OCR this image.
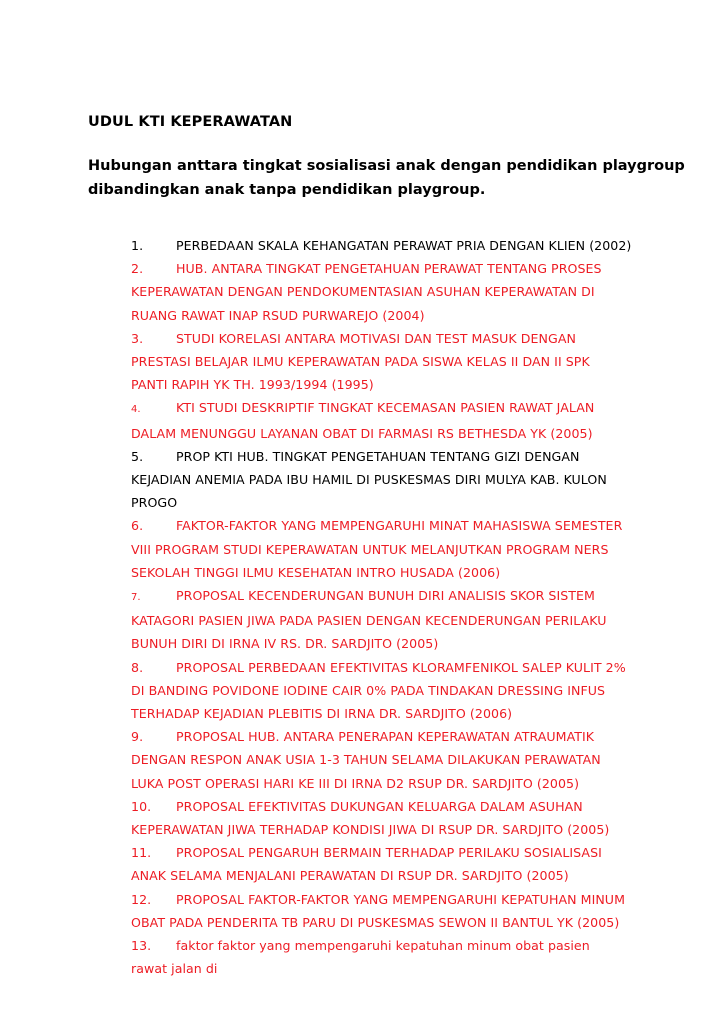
UDUL KTI KEPERAWATAN
Hubungan anttara tingkat sosialisasi anak dengan pendidikan playgroup
dibandingkan anak tanpa pendidikan playgroup.
1.	PERBEDAAN SKALA KEHANGATAN PERAWAT PRIA DENGAN KLIEN (2002)
2.	HUB. ANTARA TINGKAT PENGETAHUAN PERAWAT TENTANG PROSES
KEPERAWATAN DENGAN PENDOKUMENTASIAN ASUHAN KEPERAWATAN DI
RUANG RAWAT INAP RSUD PURWAREJO (2004)
3.	STUDI KORELASI ANTARA MOTIVASI DAN TEST MASUK DENGAN
PRESTASI BELAJAR ILMU KEPERAWATAN PADA SISWA KELAS II DAN II SPK
PANTI RAPIH YK TH. 1993/1994 (1995)
4.	KTI STUDI DESKRIPTIF TINGKAT KECEMASAN PASIEN RAWAT JALAN
DALAM MENUNGGU LAYANAN OBAT DI FARMASI RS BETHESDA YK (2005)
5.	PROP KTI HUB. TINGKAT PENGETAHUAN TENTANG GIZI DENGAN
KEJADIAN ANEMIA PADA IBU HAMIL DI PUSKESMAS DIRI MULYA KAB. KULON
PROGO
6.	FAKTOR-FAKTOR YANG MEMPENGARUHI MINAT MAHASISWA SEMESTER
VIII PROGRAM STUDI KEPERAWATAN UNTUK MELANJUTKAN PROGRAM NERS
SEKOLAH TINGGI ILMU KESEHATAN INTRO HUSADA (2006)
7.	PROPOSAL KECENDERUNGAN BUNUH DIRI ANALISIS SKOR SISTEM
KATAGORI PASIEN JIWA PADA PASIEN DENGAN KECENDERUNGAN PERILAKU
BUNUH DIRI DI IRNA IV RS. DR. SARDJITO (2005)
8.	PROPOSAL PERBEDAAN EFEKTIVITAS KLORAMFENIKOL SALEP KULIT 2%
DI BANDING POVIDONE IODINE CAIR 0% PADA TINDAKAN DRESSING INFUS
TERHADAP KEJADIAN PLEBITIS DI IRNA DR. SARDJITO (2006)
9.	PROPOSAL HUB. ANTARA PENERAPAN KEPERAWATAN ATRAUMATIK
DENGAN RESPON ANAK USIA 1-3 TAHUN SELAMA DILAKUKAN PERAWATAN
LUKA POST OPERASI HARI KE III DI IRNA D2 RSUP DR. SARDJITO (2005)
10. PROPOSAL EFEKTIVITAS DUKUNGAN KELUARGA DALAM ASUHAN
KEPERAWATAN JIWA TERHADAP KONDISI JIWA DI RSUP DR. SARDJITO (2005)
11. PROPOSAL PENGARUH BERMAIN TERHADAP PERILAKU SOSIALISASI
ANAK SELAMA MENJALANI PERAWATAN DI RSUP DR. SARDJITO (2005)
12. PROPOSAL FAKTOR-FAKTOR YANG MEMPENGARUHI KEPATUHAN MINUM
OBAT PADA PENDERITA TB PARU DI PUSKESMAS SEWON II BANTUL YK (2005)
13. faktor faktor yang mempengaruhi kepatuhan minum obat pasien
rawat jalan di
